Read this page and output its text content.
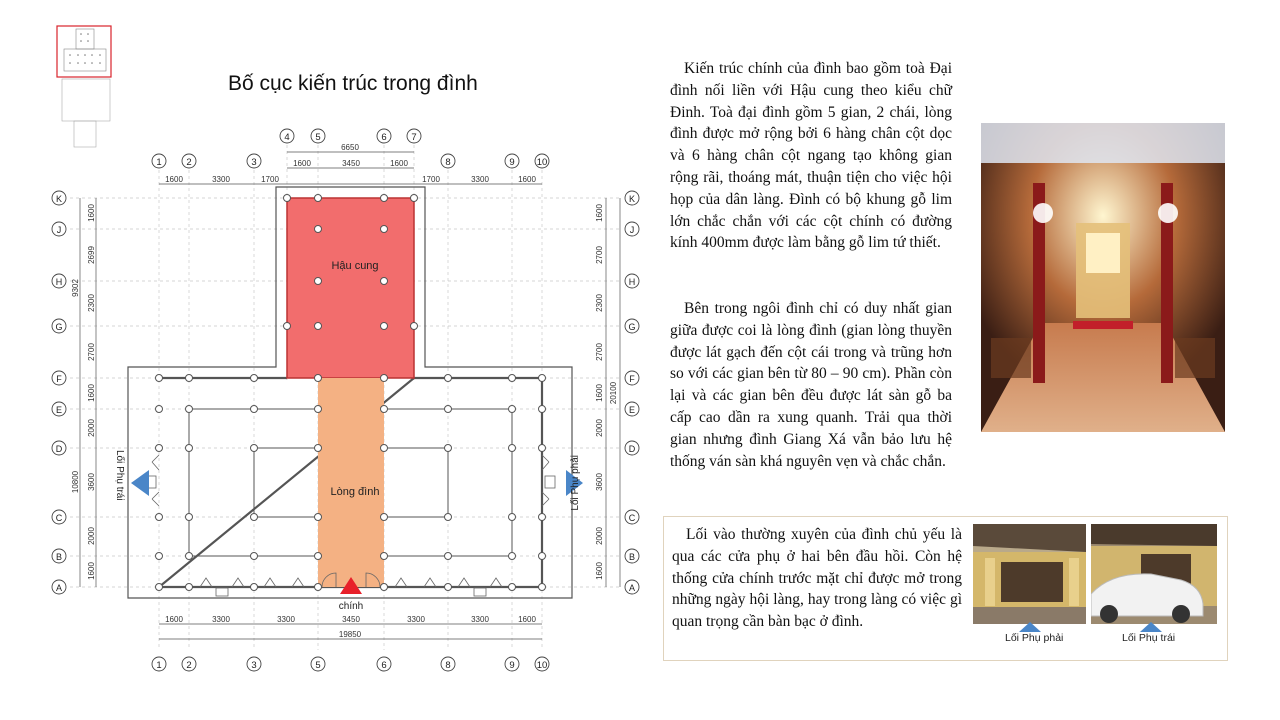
Bố cục kiến trúc trong đình
Hậu cung
Lòng đình
chính
Lối Phụ trái	Lối Phụ phải
1	2	3	8	9 10
4	5	6	7
1	2	3	5	6	8	9 10
K
J
H
G
F
E
D
C
B
A
K
J
H
G
F
E
D
C
B
A
6650
1600	3450	1600
1600	3300	1700	1700	3300	1600
1600	3300	3300	3450	3300	3300	1600
19850
1600
2699
2300
2700
1600
2000
3600
2000
1600
9302
10800
1600
2700
2300
2700
1600
2000
3600
2000
1600
20100

Kiến trúc chính của đình bao gồm toà Đại đình nối liền với Hậu cung theo kiểu chữ Đinh. Toà đại đình gồm 5 gian, 2 chái, lòng đình được mở rộng bởi 6 hàng chân cột dọc và 6 hàng chân cột ngang tạo không gian rộng rãi, thoáng mát, thuận tiện cho việc hội họp của dân làng. Đình có bộ khung gỗ lim lớn chắc chắn với các cột chính có đường kính 400mm được làm bằng gỗ lim tứ thiết.

Bên trong ngôi đình chỉ có duy nhất gian giữa được coi là lòng đình (gian lòng thuyền được lát gạch đến cột cái trong và trũng hơn so với các gian bên từ 80 – 90 cm). Phần còn lại và các gian bên đều được lát sàn gỗ ba cấp cao dần ra xung quanh. Trải qua thời gian nhưng đình Giang Xá vẫn bảo lưu hệ thống ván sàn khá nguyên vẹn và chắc chắn.

Lối vào thường xuyên của đình chủ yếu là qua các cửa phụ ở hai bên đầu hồi. Còn hệ thống cửa chính trước mặt chỉ được mở trong những ngày hội làng, hay trong làng có việc gì quan trọng cần bàn bạc ở đình.

Lối Phụ phải	Lối Phụ trái
